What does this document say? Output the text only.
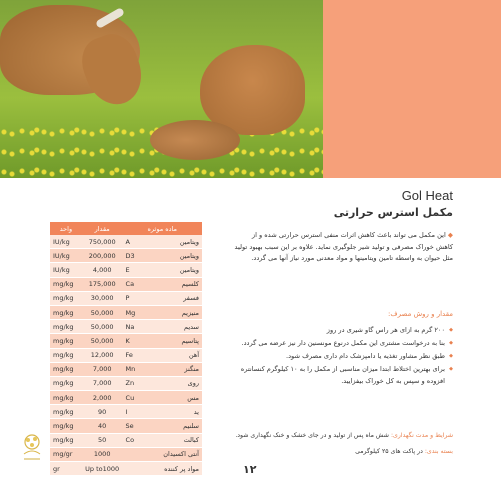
Gol Heat
مکمل استرس حرارتی
◆ این مکمل می تواند باعث کاهش اثرات منفی استرس حرارتی شده و از کاهش خوراک مصرفی و تولید شیر جلوگیری نماید. علاوه بر این سبب بهبود تولید مثل حیوان به واسطه تامین ویتامینها و مواد معدنی مورد نیاز آنها می گردد.
مقدار و روش مصرف:
◆ ۲۰۰ گرم به ازای هر راس گاو شیری در روز
◆ بنا به درخواست مشتری این مکمل درنوع مونسنین دار نیز عرضه می گردد.
◆ طبق نظر مشاور تغذیه یا دامپزشک دام داری مصرف شود.
◆ برای بهترین اختلاط ابتدا میزان مناسبی از مکمل را به ۱۰ کیلوگرم کنسانتره افزوده و سپس به کل خوراک بیفزایید.
واحد	مقدار	ماده موثره	
IU/kg	750,000	A	ویتامین
IU/kg	200,000	D3	ویتامین
IU/kg	4,000	E	ویتامین
mg/kg	175,000	Ca	کلسیم
mg/kg	30,000	P	فسفر
mg/kg	50,000	Mg	منیزیم
mg/kg	50,000	Na	سدیم
mg/kg	50,000	K	پتاسیم
mg/kg	12,000	Fe	آهن
mg/kg	7,000	Mn	منگنز
mg/kg	7,000	Zn	روی
mg/kg	2,000	Cu	مس
mg/kg	90	I	ید
mg/kg	40	Se	سلنیم
mg/kg	50	Co	کبالت
mg/gr	1000		آنتی اکسیدان
gr	Up to1000		مواد پر کننده
شرایط و مدت نگهداری: شش ماه پس از تولید و در جای خشک و خنک نگهداری شود.
بسته بندی: در پاکت های ۲۵ کیلوگرمی
۱۲
